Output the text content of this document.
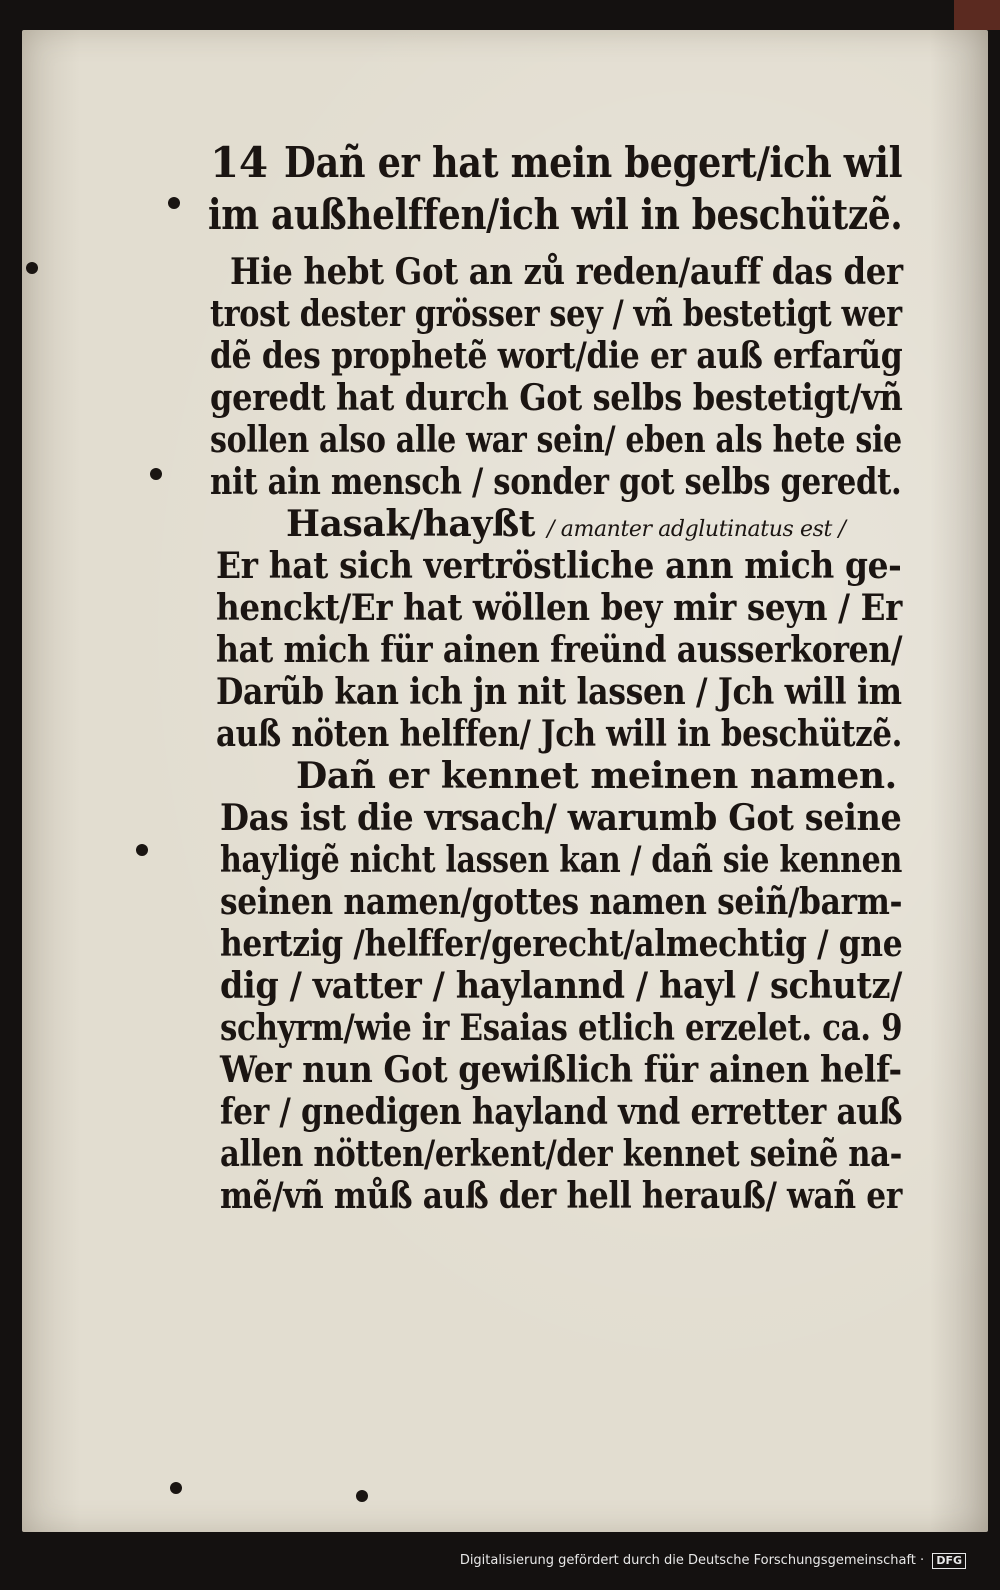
14 Dañ er hat mein begert/ich wil
im außhelffen/ich wil in beschützẽ.
Hie hebt Got an zů reden/auff das der
trost dester grösser sey / vñ bestetigt wer
dẽ des prophetẽ wort/die er auß erfarũg
geredt hat durch Got selbs bestetigt/vñ
sollen also alle war sein/ eben als hete sie
nit ain mensch / sonder got selbs geredt.
Hasak/hayßt / amanter adglutinatus est /
Er hat sich vertröstliche ann mich ge-
henckt/Er hat wöllen bey mir seyn / Er
hat mich für ainen freünd ausserkoren/
Darũb kan ich jn nit lassen / Jch will im
auß nöten helffen/ Jch will in beschützẽ.
Dañ er kennet meinen namen.
Das ist die vrsach/ warumb Got seine
hayligẽ nicht lassen kan / dañ sie kennen
seinen namen/gottes namen seiñ/barm-
hertzig /helffer/gerecht/almechtig / gne
dig / vatter / haylannd / hayl / schutz/
schyrm/wie ir Esaias etlich erzelet. ca. 9
Wer nun Got gewißlich für ainen helf-
fer / gnedigen hayland vnd erretter auß
allen nötten/erkent/der kennet seinẽ na-
mẽ/vñ můß auß der hell herauß/ wañ er
Digitalisierung gefördert durch die Deutsche Forschungsgemeinschaft · DFG
